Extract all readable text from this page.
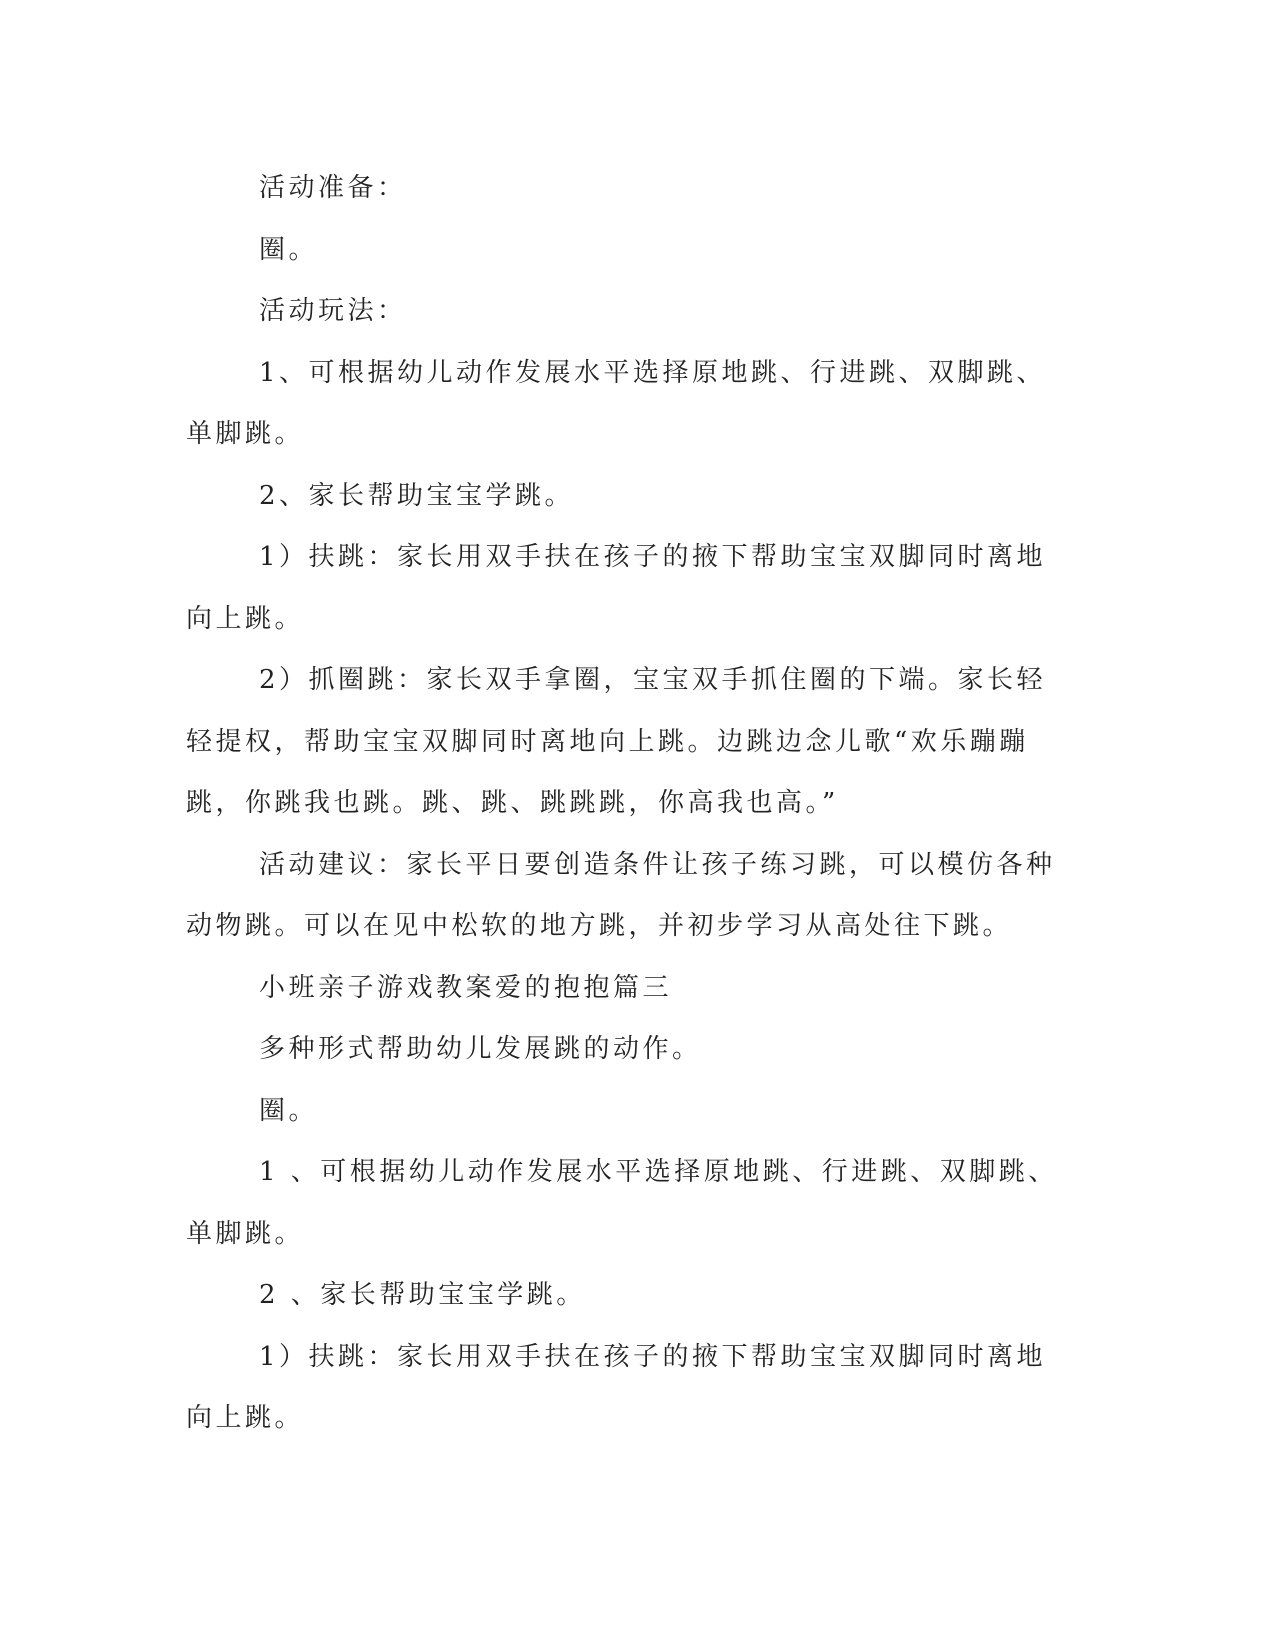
活动准备：

圈。

活动玩法：

1、可根据幼儿动作发展水平选择原地跳、行进跳、双脚跳、单脚跳。

2、家长帮助宝宝学跳。

1）扶跳：家长用双手扶在孩子的掖下帮助宝宝双脚同时离地向上跳。

2）抓圈跳：家长双手拿圈，宝宝双手抓住圈的下端。家长轻轻提权，帮助宝宝双脚同时离地向上跳。边跳边念儿歌“欢乐蹦蹦跳，你跳我也跳。跳、跳、跳跳跳，你高我也高。”

活动建议：家长平日要创造条件让孩子练习跳，可以模仿各种动物跳。可以在见中松软的地方跳，并初步学习从高处往下跳。

小班亲子游戏教案爱的抱抱篇三

多种形式帮助幼儿发展跳的动作。

圈。

1 、可根据幼儿动作发展水平选择原地跳、行进跳、双脚跳、单脚跳。

2 、家长帮助宝宝学跳。

1）扶跳：家长用双手扶在孩子的掖下帮助宝宝双脚同时离地向上跳。
